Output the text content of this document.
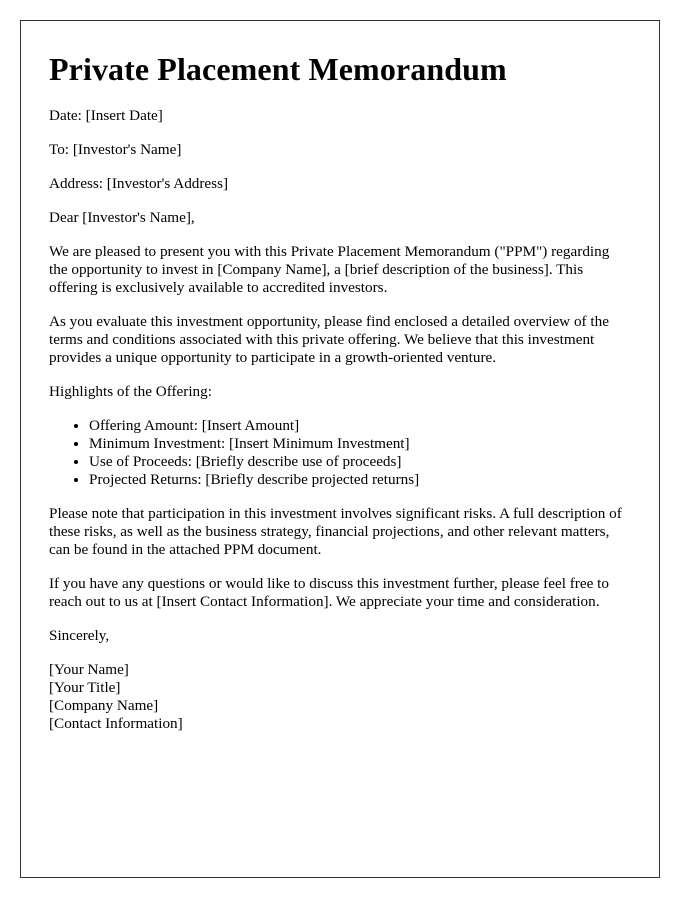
Private Placement Memorandum

Date: [Insert Date]

To: [Investor's Name]

Address: [Investor's Address]

Dear [Investor's Name],

We are pleased to present you with this Private Placement Memorandum ("PPM") regarding the opportunity to invest in [Company Name], a [brief description of the business]. This offering is exclusively available to accredited investors.

As you evaluate this investment opportunity, please find enclosed a detailed overview of the terms and conditions associated with this private offering. We believe that this investment provides a unique opportunity to participate in a growth-oriented venture.

Highlights of the Offering:

• Offering Amount: [Insert Amount]
• Minimum Investment: [Insert Minimum Investment]
• Use of Proceeds: [Briefly describe use of proceeds]
• Projected Returns: [Briefly describe projected returns]

Please note that participation in this investment involves significant risks. A full description of these risks, as well as the business strategy, financial projections, and other relevant matters, can be found in the attached PPM document.

If you have any questions or would like to discuss this investment further, please feel free to reach out to us at [Insert Contact Information]. We appreciate your time and consideration.

Sincerely,

[Your Name]

[Your Title]

[Company Name]

[Contact Information]
